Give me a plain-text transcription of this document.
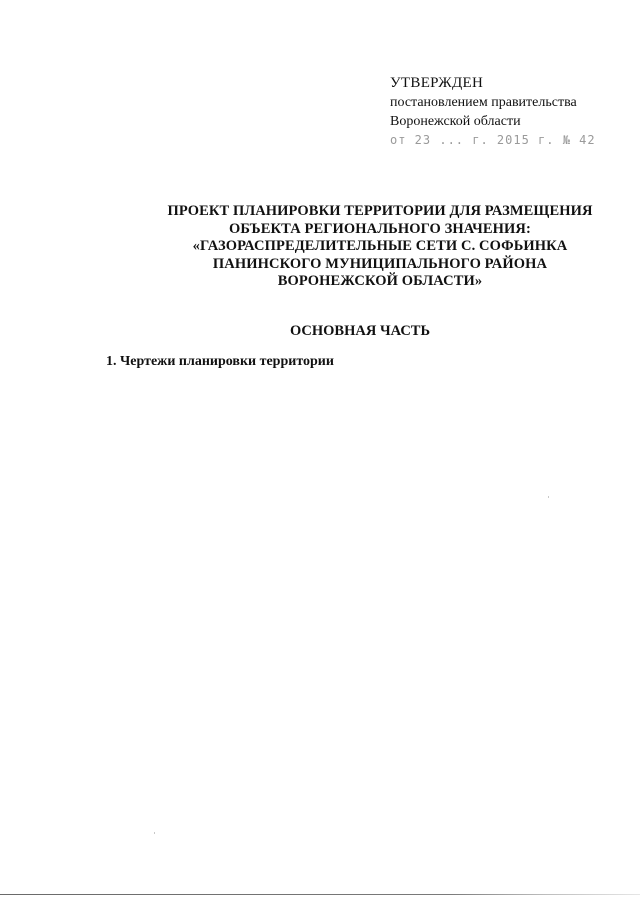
УТВЕРЖДЕН
постановлением правительства
Воронежской области
от 23 ... г. 2015 г. № 42
ПРОЕКТ ПЛАНИРОВКИ ТЕРРИТОРИИ ДЛЯ РАЗМЕЩЕНИЯ
ОБЪЕКТА РЕГИОНАЛЬНОГО ЗНАЧЕНИЯ:
«ГАЗОРАСПРЕДЕЛИТЕЛЬНЫЕ СЕТИ С. СОФЬИНКА
ПАНИНСКОГО МУНИЦИПАЛЬНОГО РАЙОНА
ВОРОНЕЖСКОЙ ОБЛАСТИ»
ОСНОВНАЯ ЧАСТЬ
1. Чертежи планировки территории
